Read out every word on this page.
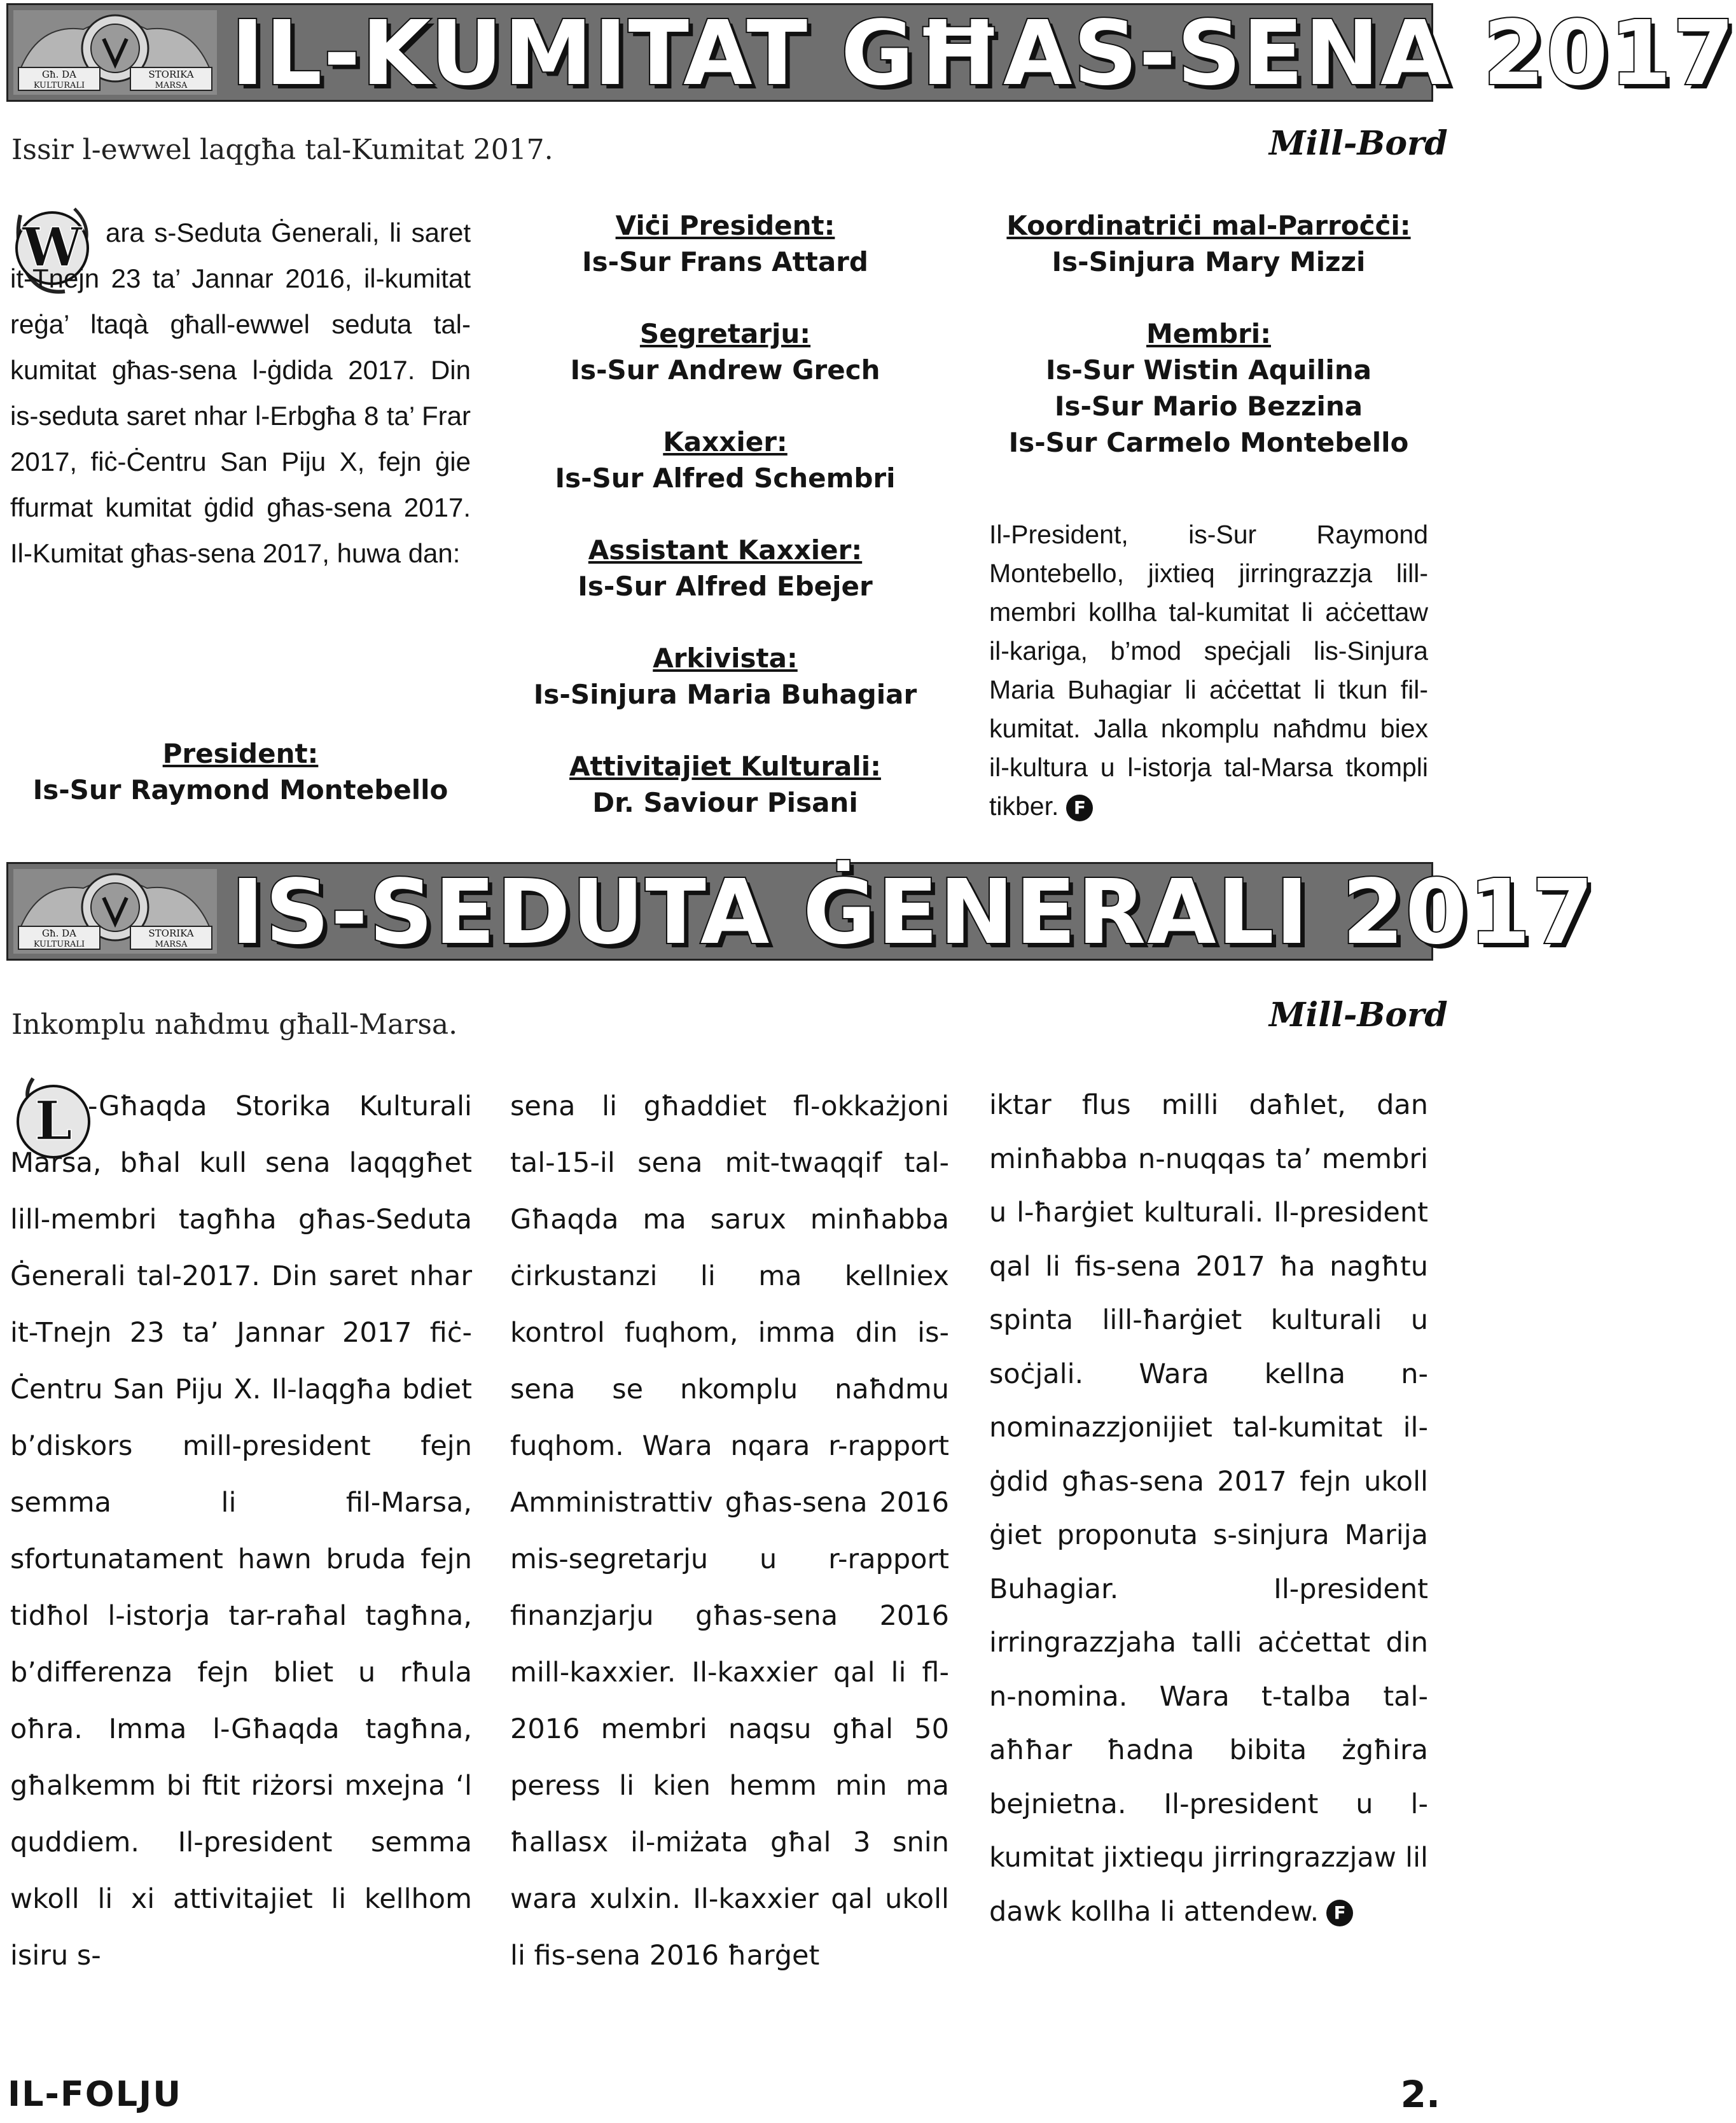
Għ. DA	STORIKA
KULTURALI	MARSA IL-KUMITAT GĦAS-SENA 2017
Issir l-ewwel laqgħa tal-Kumitat 2017.	Mill-Bord
W ara s-Seduta Ġenerali, li saret it-Tnejn 23 ta’ Jannar 2016, il-kumitat reġa’ ltaqà għall-ewwel seduta tal-kumitat għas-sena l-ġdida 2017. Din is-seduta saret nhar l-Erbgħa 8 ta’ Frar 2017, fiċ-Ċentru San Piju X, fejn ġie ffurmat kumitat ġdid għas-sena 2017. Il-Kumitat għas-sena 2017, huwa dan:
President:
Is-Sur Raymond Montebello
Viċi President:
Is-Sur Frans Attard
Segretarju:
Is-Sur Andrew Grech
Kaxxier:
Is-Sur Alfred Schembri
Assistant Kaxxier:
Is-Sur Alfred Ebejer
Arkivista:
Is-Sinjura Maria Buhagiar
Attivitajiet Kulturali:
Dr. Saviour Pisani
Koordinatriċi mal-Parroċċi:
Is-Sinjura Mary Mizzi
Membri:
Is-Sur Wistin Aquilina
Is-Sur Mario Bezzina
Is-Sur Carmelo Montebello
Il-President, is-Sur Raymond Montebello, jixtieq jirringrazzja lill-membri kollha tal-kumitat li aċċettaw il-kariga, b’mod speċjali lis-Sinjura Maria Buhagiar li aċċettat li tkun fil-kumitat. Jalla nkomplu naħdmu biex il-kultura u l-istorja tal-Marsa tkompli tikber. F
Għ. DA	STORIKA
KULTURALI	MARSA IS-SEDUTA ĠENERALI 2017
Inkomplu naħdmu għall-Marsa.	Mill-Bord
L -Għaqda Storika Kulturali Marsa, bħal kull sena laqqgħet lill-membri tagħha għas-Seduta Ġenerali tal-2017. Din saret nhar it-Tnejn 23 ta’ Jannar 2017 fiċ-Ċentru San Piju X. Il-laqgħa bdiet b’diskors mill-president fejn semma li fil-Marsa, sfortunatament hawn bruda fejn tidħol l-istorja tar-raħal tagħna, b’differenza fejn bliet u rħula oħra. Imma l-Għaqda tagħna, għalkemm bi ftit riżorsi mxejna ‘l quddiem. Il-president semma wkoll li xi attivitajiet li kellhom isiru s-
sena li għaddiet fl-okkażjoni tal-15-il sena mit-twaqqif tal-Għaqda ma sarux minħabba ċirkustanzi li ma kellniex kontrol fuqhom, imma din is-sena se nkomplu naħdmu fuqhom. Wara nqara r-rapport Amministrattiv għas-sena 2016 mis-segretarju u r-rapport finanzjarju għas-sena 2016 mill-kaxxier. Il-kaxxier qal li fl-2016 membri naqsu għal 50 peress li kien hemm min ma ħallasx il-miżata għal 3 snin wara xulxin. Il-kaxxier qal ukoll li fis-sena 2016 ħarġet
iktar flus milli daħlet, dan minħabba n-nuqqas ta’ membri u l-ħarġiet kulturali. Il-president qal li fis-sena 2017 ħa nagħtu spinta lill-ħarġiet kulturali u soċjali. Wara kellna n-nominazzjonijiet tal-kumitat il-ġdid għas-sena 2017 fejn ukoll ġiet proponuta s-sinjura Marija Buhagiar. Il-president irringrazzjaha talli aċċettat din n-nomina. Wara t-talba tal-aħħar ħadna bibita żgħira bejnietna. Il-president u l-kumitat jixtiequ jirringrazzjaw lil dawk kollha li attendew. F
IL-FOLJU	2.
